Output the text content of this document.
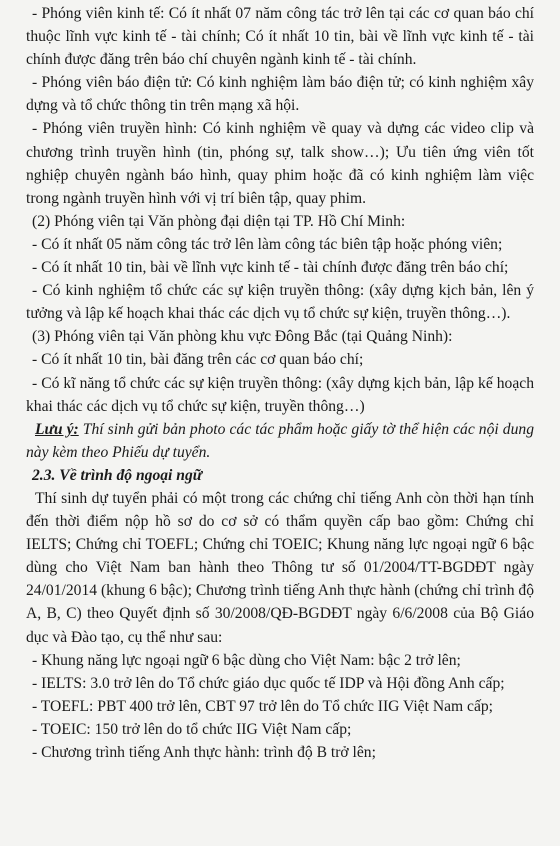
- Phóng viên kinh tế: Có ít nhất 07 năm công tác trở lên tại các cơ quan báo chí thuộc lĩnh vực kinh tế - tài chính; Có ít nhất 10 tin, bài về lĩnh vực kinh tế - tài chính được đăng trên báo chí chuyên ngành kinh tế - tài chính.

- Phóng viên báo điện tử: Có kinh nghiệm làm báo điện tử; có kinh nghiệm xây dựng và tổ chức thông tin trên mạng xã hội.

- Phóng viên truyền hình: Có kinh nghiệm về quay và dựng các video clip và chương trình truyền hình (tin, phóng sự, talk show…); Ưu tiên ứng viên tốt nghiệp chuyên ngành báo hình, quay phim hoặc đã có kinh nghiệm làm việc trong ngành truyền hình với vị trí biên tập, quay phim.

(2) Phóng viên tại Văn phòng đại diện tại TP. Hồ Chí Minh:

- Có ít nhất 05 năm công tác trở lên làm công tác biên tập hoặc phóng viên;

- Có ít nhất 10 tin, bài về lĩnh vực kinh tế - tài chính được đăng trên báo chí;

- Có kinh nghiệm tổ chức các sự kiện truyền thông: (xây dựng kịch bản, lên ý tưởng và lập kế hoạch khai thác các dịch vụ tổ chức sự kiện, truyền thông…).

(3) Phóng viên tại Văn phòng khu vực Đông Bắc (tại Quảng Ninh):

- Có ít nhất 10 tin, bài đăng trên các cơ quan báo chí;

- Có kĩ năng tổ chức các sự kiện truyền thông: (xây dựng kịch bản, lập kế hoạch khai thác các dịch vụ tổ chức sự kiện, truyền thông…)

Lưu ý: Thí sinh gửi bản photo các tác phẩm hoặc giấy tờ thể hiện các nội dung này kèm theo Phiếu dự tuyển.

2.3. Về trình độ ngoại ngữ

Thí sinh dự tuyển phải có một trong các chứng chỉ tiếng Anh còn thời hạn tính đến thời điểm nộp hồ sơ do cơ sở có thẩm quyền cấp bao gồm: Chứng chỉ IELTS; Chứng chỉ TOEFL; Chứng chỉ TOEIC; Khung năng lực ngoại ngữ 6 bậc dùng cho Việt Nam ban hành theo Thông tư số 01/2004/TT-BGDĐT ngày 24/01/2014 (khung 6 bậc); Chương trình tiếng Anh thực hành (chứng chỉ trình độ A, B, C) theo Quyết định số 30/2008/QĐ-BGDĐT ngày 6/6/2008 của Bộ Giáo dục và Đào tạo, cụ thể như sau:

- Khung năng lực ngoại ngữ 6 bậc dùng cho Việt Nam: bậc 2 trở lên;

- IELTS: 3.0 trở lên do Tổ chức giáo dục quốc tế IDP và Hội đồng Anh cấp;

- TOEFL: PBT 400 trở lên, CBT 97 trở lên do Tổ chức IIG Việt Nam cấp;

- TOEIC: 150 trở lên do tổ chức IIG Việt Nam cấp;

- Chương trình tiếng Anh thực hành: trình độ B trở lên;
